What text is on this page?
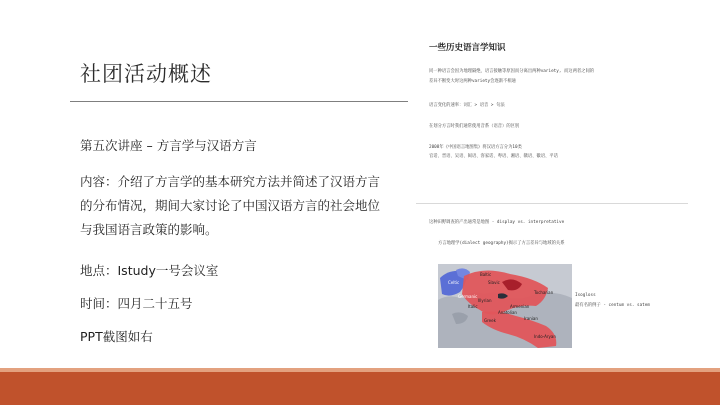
社团活动概述
第五次讲座 – 方言学与汉语方言
内容：介绍了方言学的基本研究方法并简述了汉语方言
的分布情况，期间大家讨论了中国汉语方言的社会地位
与我国语言政策的影响。
地点：Istudy一号会议室
时间：四月二十五号
PPT截图如右
一些历史语言学知识
同一种语言会因为地理隔绝，语言接触等原因而分离出两种variety, 而这两者之间的
差异不断变大时这两种variety会逐渐不相通
语言变化的速率：词汇 > 语音 > 句法
在划分方言时我们通常使用音系（语音）的区别
2008年《中国语言地图集》将汉语方言分为10类
官话、晋语、吴语、闽语、客家话、粤语、湘语、赣语、徽语、平话
这种田野调查的产出通常是地图 - display vs. interpretative
方言地理学(dialect geography)揭示了方言差异与地域的关系
Celtic
Germanic
Slavic
Baltic
Italic
Illyrian
Tocharian
Anatolian
Iranian
Indo-Aryan
Greek
Armenian
Isogloss
最有名的例子 - centum vs. satem
